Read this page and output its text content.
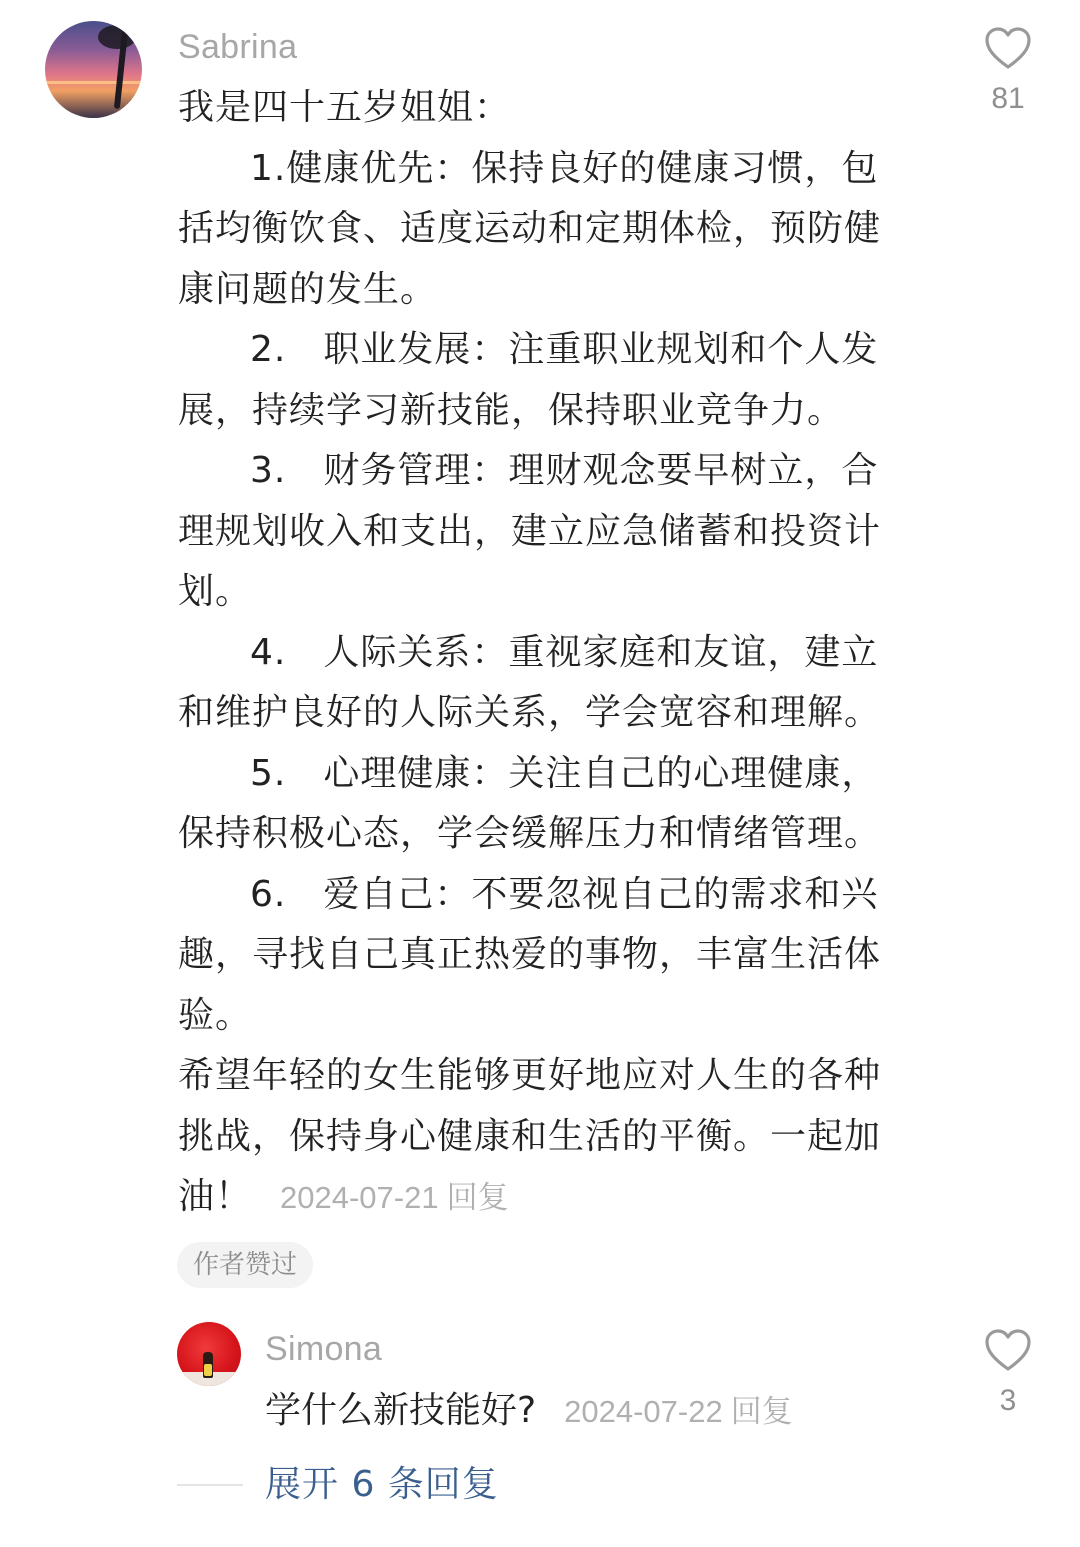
Sabrina
我是四十五岁姐姐：
1.健康优先：保持良好的健康习惯，包
括均衡饮食、适度运动和定期体检，预防健
康问题的发生。
2.　职业发展：注重职业规划和个人发
展，持续学习新技能，保持职业竞争力。
3.　财务管理：理财观念要早树立，合
理规划收入和支出，建立应急储蓄和投资计
划。
4.　人际关系：重视家庭和友谊，建立
和维护良好的人际关系，学会宽容和理解。
5.　心理健康：关注自己的心理健康，
保持积极心态，学会缓解压力和情绪管理。
6.　爱自己：不要忽视自己的需求和兴
趣，寻找自己真正热爱的事物，丰富生活体
验。
希望年轻的女生能够更好地应对人生的各种
挑战，保持身心健康和生活的平衡。一起加
油！ 2024-07-21 回复
作者赞过
81
Simona
学什么新技能好? 2024-07-22 回复	3
展开 6 条回复
